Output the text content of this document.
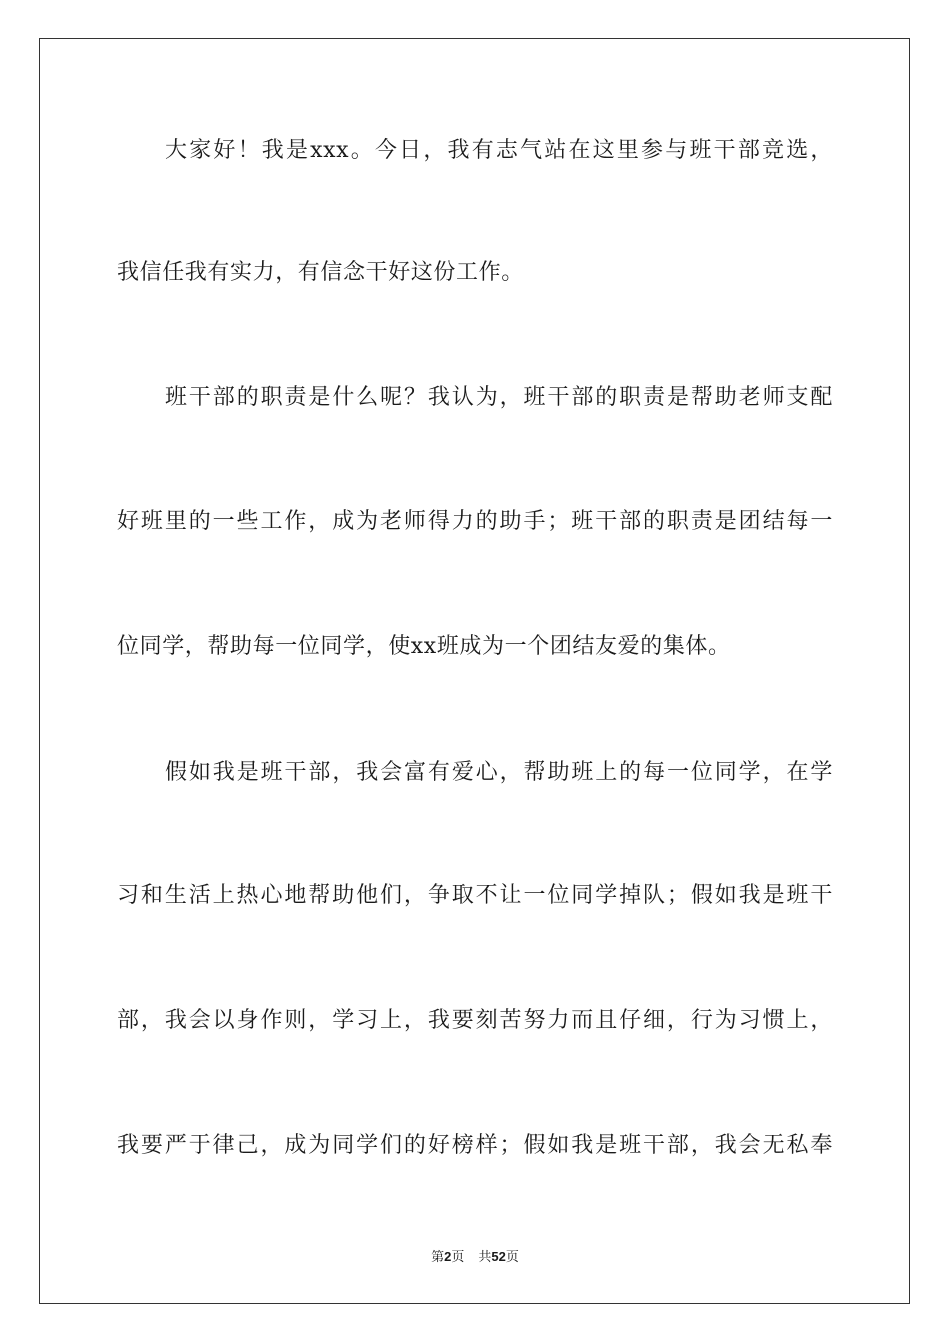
大家好！我是xxx。今日，我有志气站在这里参与班干部竞选，
我信任我有实力，有信念干好这份工作。
班干部的职责是什么呢？我认为，班干部的职责是帮助老师支配
好班里的一些工作，成为老师得力的助手；班干部的职责是团结每一
位同学，帮助每一位同学，使xx班成为一个团结友爱的集体。
假如我是班干部，我会富有爱心，帮助班上的每一位同学，在学
习和生活上热心地帮助他们，争取不让一位同学掉队；假如我是班干
部，我会以身作则，学习上，我要刻苦努力而且仔细，行为习惯上，
我要严于律己，成为同学们的好榜样；假如我是班干部，我会无私奉
第2页 共52页
